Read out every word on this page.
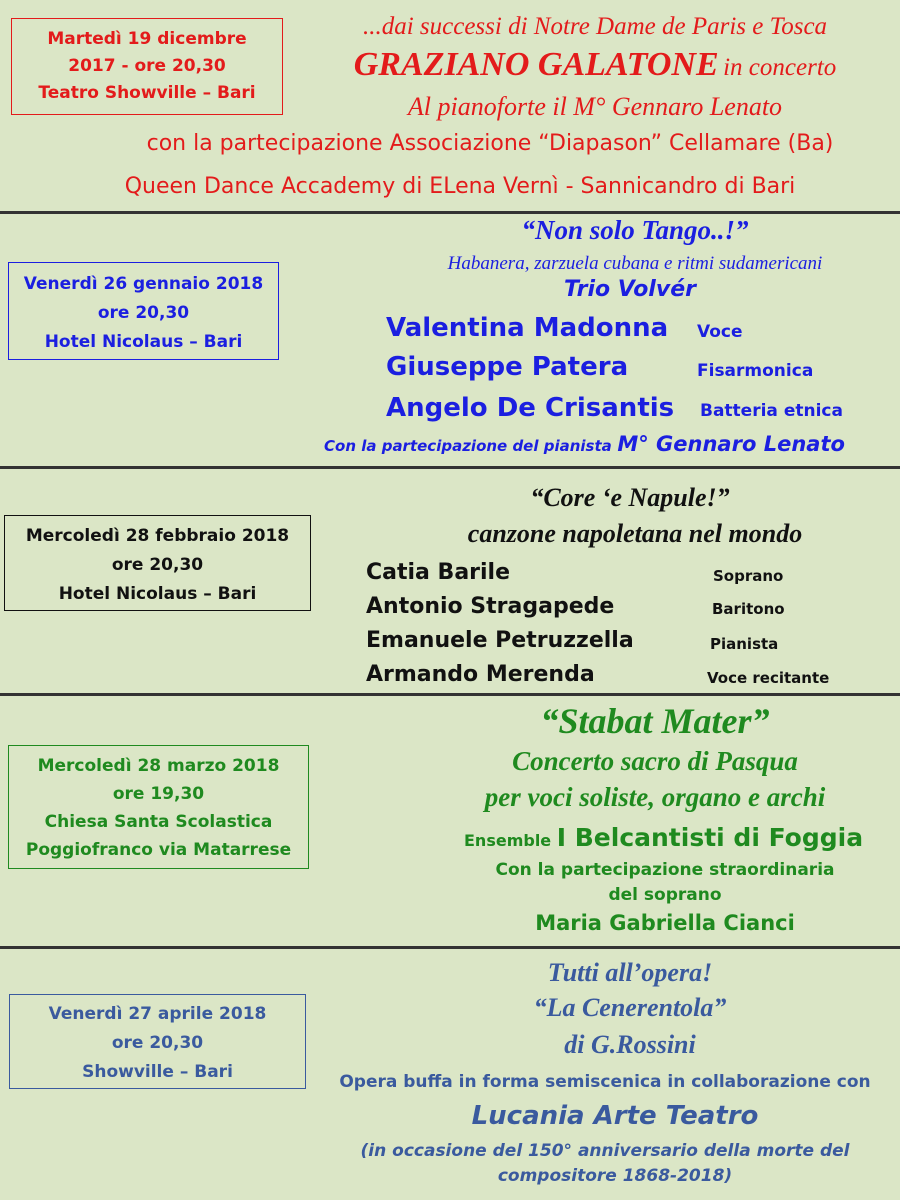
Martedì 19 dicembre
2017 - ore 20,30
Teatro Showville – Bari
...dai successi di Notre Dame de Paris e Tosca
GRAZIANO GALATONE in concerto
Al pianoforte il M° Gennaro Lenato
con la partecipazione Associazione “Diapason” Cellamare (Ba)
Queen Dance Accademy di ELena Vernì - Sannicandro di Bari
Venerdì 26 gennaio 2018
ore 20,30
Hotel Nicolaus – Bari
“Non solo Tango..!”
Habanera, zarzuela cubana e ritmi sudamericani
Trio Volvér
Valentina Madonna Voce
Giuseppe Patera	Fisarmonica
Angelo De Crisantis Batteria etnica
Con la partecipazione del pianista M° Gennaro Lenato
Mercoledì 28 febbraio 2018
ore 20,30
Hotel Nicolaus – Bari
“Core ‘e Napule!”
canzone napoletana nel mondo
Catia Barile	Soprano
Antonio Stragapede	Baritono
Emanuele Petruzzella	Pianista
Armando Merenda	Voce recitante
Mercoledì 28 marzo 2018
ore 19,30
Chiesa Santa Scolastica
Poggiofranco via Matarrese
“Stabat Mater”
Concerto sacro di Pasqua
per voci soliste, organo e archi
Ensemble I Belcantisti di Foggia
Con la partecipazione straordinaria
del soprano
Maria Gabriella Cianci
Venerdì 27 aprile 2018
ore 20,30
Showville – Bari
Tutti all’opera!
“La Cenerentola”
di G.Rossini
Opera buffa in forma semiscenica in collaborazione con
Lucania Arte Teatro
(in occasione del 150° anniversario della morte del
compositore 1868-2018)
